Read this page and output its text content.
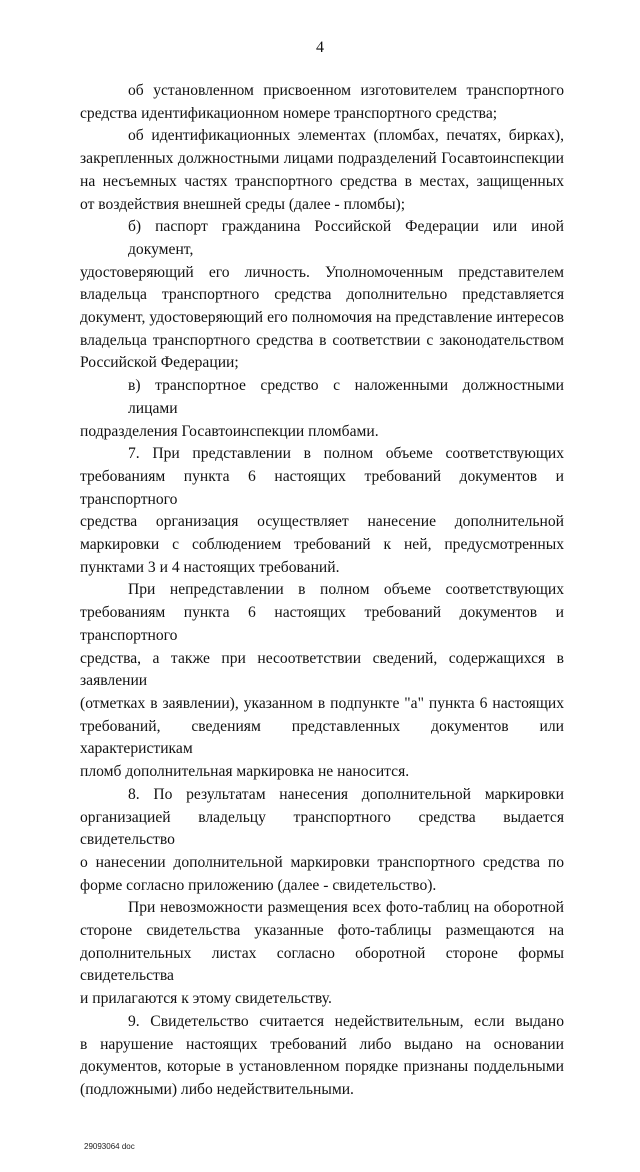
4
об установленном присвоенном изготовителем транспортного
средства идентификационном номере транспортного средства;
об идентификационных элементах (пломбах, печатях, бирках),
закрепленных должностными лицами подразделений Госавтоинспекции
на несъемных частях транспортного средства в местах, защищенных
от воздействия внешней среды (далее - пломбы);
б) паспорт гражданина Российской Федерации или иной документ,
удостоверяющий его личность. Уполномоченным представителем
владельца транспортного средства дополнительно представляется
документ, удостоверяющий его полномочия на представление интересов
владельца транспортного средства в соответствии с законодательством
Российской Федерации;
в) транспортное средство с наложенными должностными лицами
подразделения Госавтоинспекции пломбами.
7. При представлении в полном объеме соответствующих
требованиям пункта 6 настоящих требований документов и транспортного
средства организация осуществляет нанесение дополнительной
маркировки с соблюдением требований к ней, предусмотренных
пунктами 3 и 4 настоящих требований.
При непредставлении в полном объеме соответствующих
требованиям пункта 6 настоящих требований документов и транспортного
средства, а также при несоответствии сведений, содержащихся в заявлении
(отметках в заявлении), указанном в подпункте "а" пункта 6 настоящих
требований, сведениям представленных документов или характеристикам
пломб дополнительная маркировка не наносится.
8. По результатам нанесения дополнительной маркировки
организацией владельцу транспортного средства выдается свидетельство
о нанесении дополнительной маркировки транспортного средства по
форме согласно приложению (далее - свидетельство).
При невозможности размещения всех фото-таблиц на оборотной
стороне свидетельства указанные фото-таблицы размещаются на
дополнительных листах согласно оборотной стороне формы свидетельства
и прилагаются к этому свидетельству.
9. Свидетельство считается недействительным, если выдано
в нарушение настоящих требований либо выдано на основании
документов, которые в установленном порядке признаны поддельными
(подложными) либо недействительными.
29093064 doc
